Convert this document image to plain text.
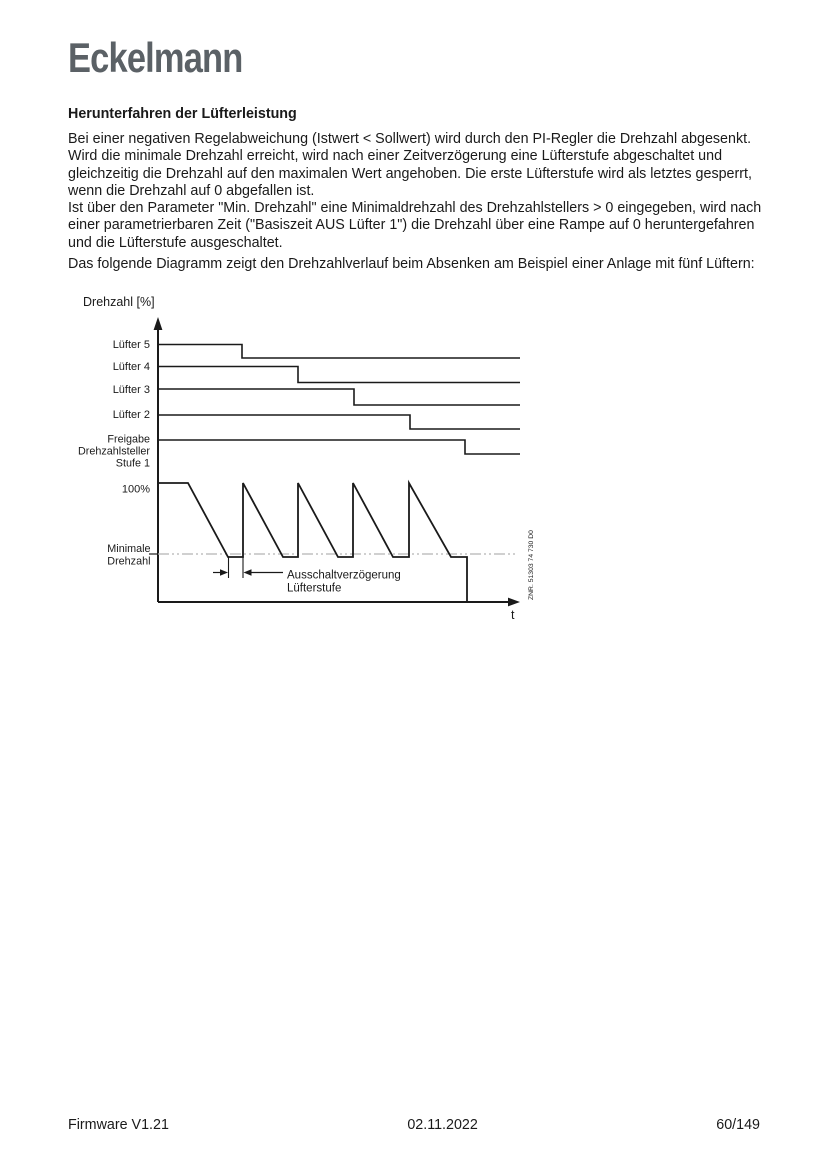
Eckelmann
Herunterfahren der Lüfterleistung
Bei einer negativen Regelabweichung (Istwert < Sollwert) wird durch den PI-Regler die Drehzahl abgesenkt. Wird die minimale Drehzahl erreicht, wird nach einer Zeitverzögerung eine Lüfterstufe abgeschaltet und gleichzeitig die Drehzahl auf den maximalen Wert angehoben. Die erste Lüfterstufe wird als letztes gesperrt, wenn die Drehzahl auf 0 abgefallen ist.
Ist über den Parameter "Min. Drehzahl" eine Minimaldrehzahl des Drehzahlstellers > 0 eingegeben, wird nach einer parametrierbaren Zeit ("Basiszeit AUS Lüfter 1") die Drehzahl über eine Rampe auf 0 heruntergefahren und die Lüfterstufe ausgeschaltet.
Das folgende Diagramm zeigt den Drehzahlverlauf beim Absenken am Beispiel einer Anlage mit fünf Lüftern:
Drehzahl [%]
Lüfter 5
Lüfter 4
Lüfter 3
Lüfter 2
Freigabe
Drehzahlsteller
Stufe 1
100%
Minimale
Drehzahl
Ausschaltverzögerung
Lüfterstufe
t
ZNR. 51303 74 730 D0
Firmware V1.21	02.11.2022	60/149
